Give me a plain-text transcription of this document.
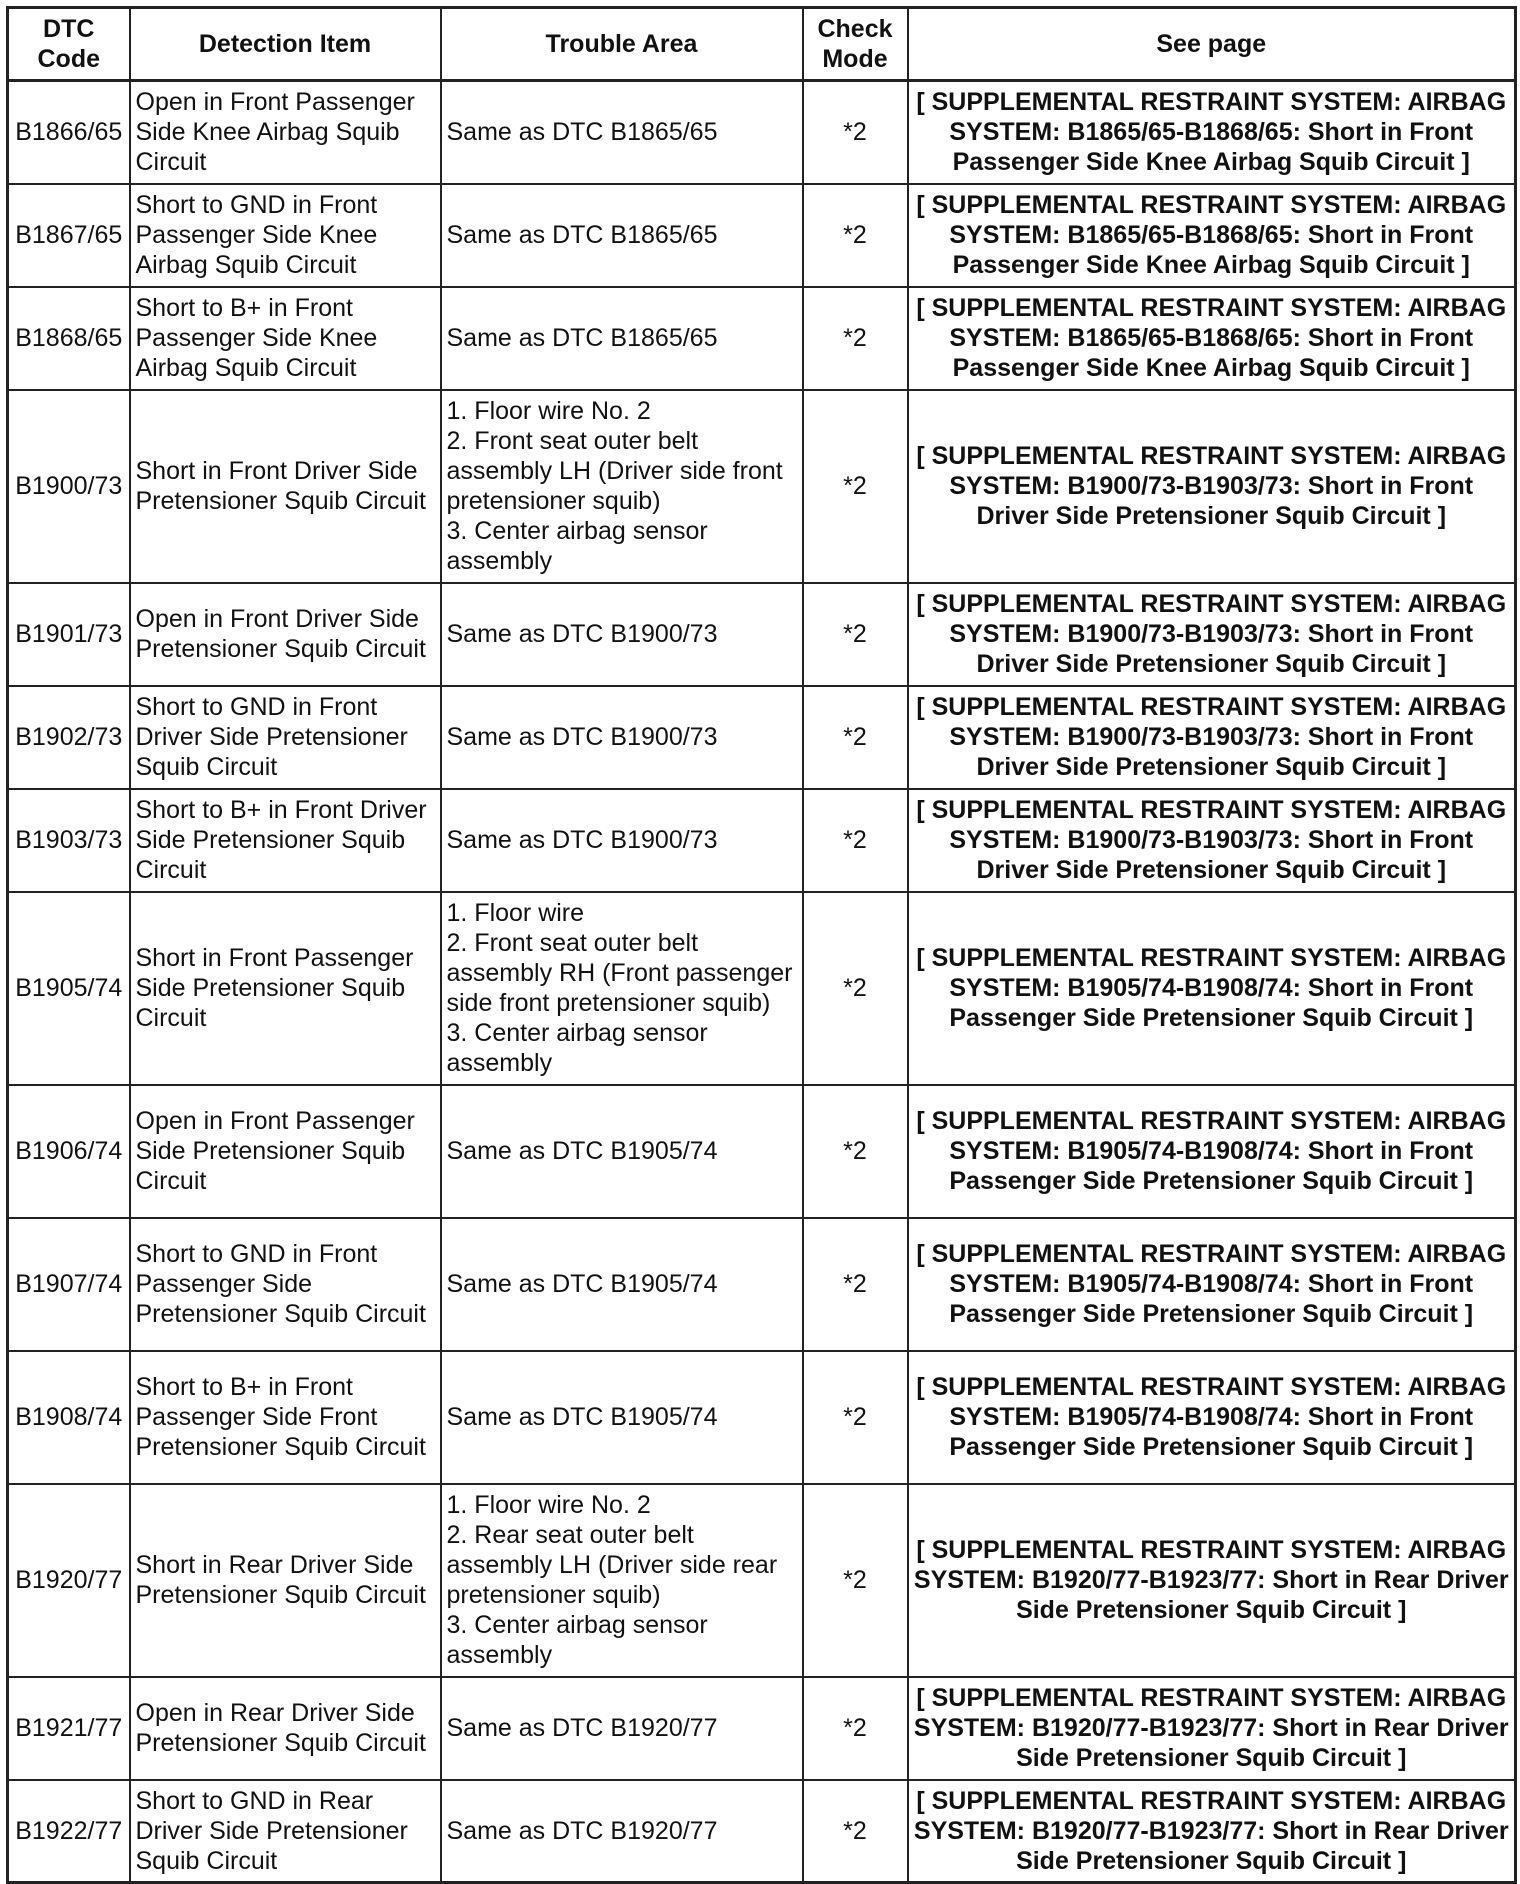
DTC Code	Detection Item	Trouble Area	Check Mode	See page
B1866/65	Open in Front Passenger Side Knee Airbag Squib Circuit	Same as DTC B1865/65	*2	[ SUPPLEMENTAL RESTRAINT SYSTEM: AIRBAG SYSTEM: B1865/65-B1868/65: Short in Front Passenger Side Knee Airbag Squib Circuit ]
B1867/65	Short to GND in Front Passenger Side Knee Airbag Squib Circuit	Same as DTC B1865/65	*2	[ SUPPLEMENTAL RESTRAINT SYSTEM: AIRBAG SYSTEM: B1865/65-B1868/65: Short in Front Passenger Side Knee Airbag Squib Circuit ]
B1868/65	Short to B+ in Front Passenger Side Knee Airbag Squib Circuit	Same as DTC B1865/65	*2	[ SUPPLEMENTAL RESTRAINT SYSTEM: AIRBAG SYSTEM: B1865/65-B1868/65: Short in Front Passenger Side Knee Airbag Squib Circuit ]
B1900/73	Short in Front Driver Side Pretensioner Squib Circuit	1. Floor wire No. 2
2. Front seat outer belt assembly LH (Driver side front pretensioner squib)
3. Center airbag sensor assembly	*2	[ SUPPLEMENTAL RESTRAINT SYSTEM: AIRBAG SYSTEM: B1900/73-B1903/73: Short in Front Driver Side Pretensioner Squib Circuit ]
B1901/73	Open in Front Driver Side Pretensioner Squib Circuit	Same as DTC B1900/73	*2	[ SUPPLEMENTAL RESTRAINT SYSTEM: AIRBAG SYSTEM: B1900/73-B1903/73: Short in Front Driver Side Pretensioner Squib Circuit ]
B1902/73	Short to GND in Front Driver Side Pretensioner Squib Circuit	Same as DTC B1900/73	*2	[ SUPPLEMENTAL RESTRAINT SYSTEM: AIRBAG SYSTEM: B1900/73-B1903/73: Short in Front Driver Side Pretensioner Squib Circuit ]
B1903/73	Short to B+ in Front Driver Side Pretensioner Squib Circuit	Same as DTC B1900/73	*2	[ SUPPLEMENTAL RESTRAINT SYSTEM: AIRBAG SYSTEM: B1900/73-B1903/73: Short in Front Driver Side Pretensioner Squib Circuit ]
B1905/74	Short in Front Passenger Side Pretensioner Squib Circuit	1. Floor wire
2. Front seat outer belt assembly RH (Front passenger side front pretensioner squib)
3. Center airbag sensor assembly	*2	[ SUPPLEMENTAL RESTRAINT SYSTEM: AIRBAG SYSTEM: B1905/74-B1908/74: Short in Front Passenger Side Pretensioner Squib Circuit ]
B1906/74	Open in Front Passenger Side Pretensioner Squib Circuit	Same as DTC B1905/74	*2	[ SUPPLEMENTAL RESTRAINT SYSTEM: AIRBAG SYSTEM: B1905/74-B1908/74: Short in Front Passenger Side Pretensioner Squib Circuit ]
B1907/74	Short to GND in Front Passenger Side Pretensioner Squib Circuit	Same as DTC B1905/74	*2	[ SUPPLEMENTAL RESTRAINT SYSTEM: AIRBAG SYSTEM: B1905/74-B1908/74: Short in Front Passenger Side Pretensioner Squib Circuit ]
B1908/74	Short to B+ in Front Passenger Side Front Pretensioner Squib Circuit	Same as DTC B1905/74	*2	[ SUPPLEMENTAL RESTRAINT SYSTEM: AIRBAG SYSTEM: B1905/74-B1908/74: Short in Front Passenger Side Pretensioner Squib Circuit ]
B1920/77	Short in Rear Driver Side Pretensioner Squib Circuit	1. Floor wire No. 2
2. Rear seat outer belt assembly LH (Driver side rear pretensioner squib)
3. Center airbag sensor assembly	*2	[ SUPPLEMENTAL RESTRAINT SYSTEM: AIRBAG SYSTEM: B1920/77-B1923/77: Short in Rear Driver Side Pretensioner Squib Circuit ]
B1921/77	Open in Rear Driver Side Pretensioner Squib Circuit	Same as DTC B1920/77	*2	[ SUPPLEMENTAL RESTRAINT SYSTEM: AIRBAG SYSTEM: B1920/77-B1923/77: Short in Rear Driver Side Pretensioner Squib Circuit ]
B1922/77	Short to GND in Rear Driver Side Pretensioner Squib Circuit	Same as DTC B1920/77	*2	[ SUPPLEMENTAL RESTRAINT SYSTEM: AIRBAG SYSTEM: B1920/77-B1923/77: Short in Rear Driver Side Pretensioner Squib Circuit ]
